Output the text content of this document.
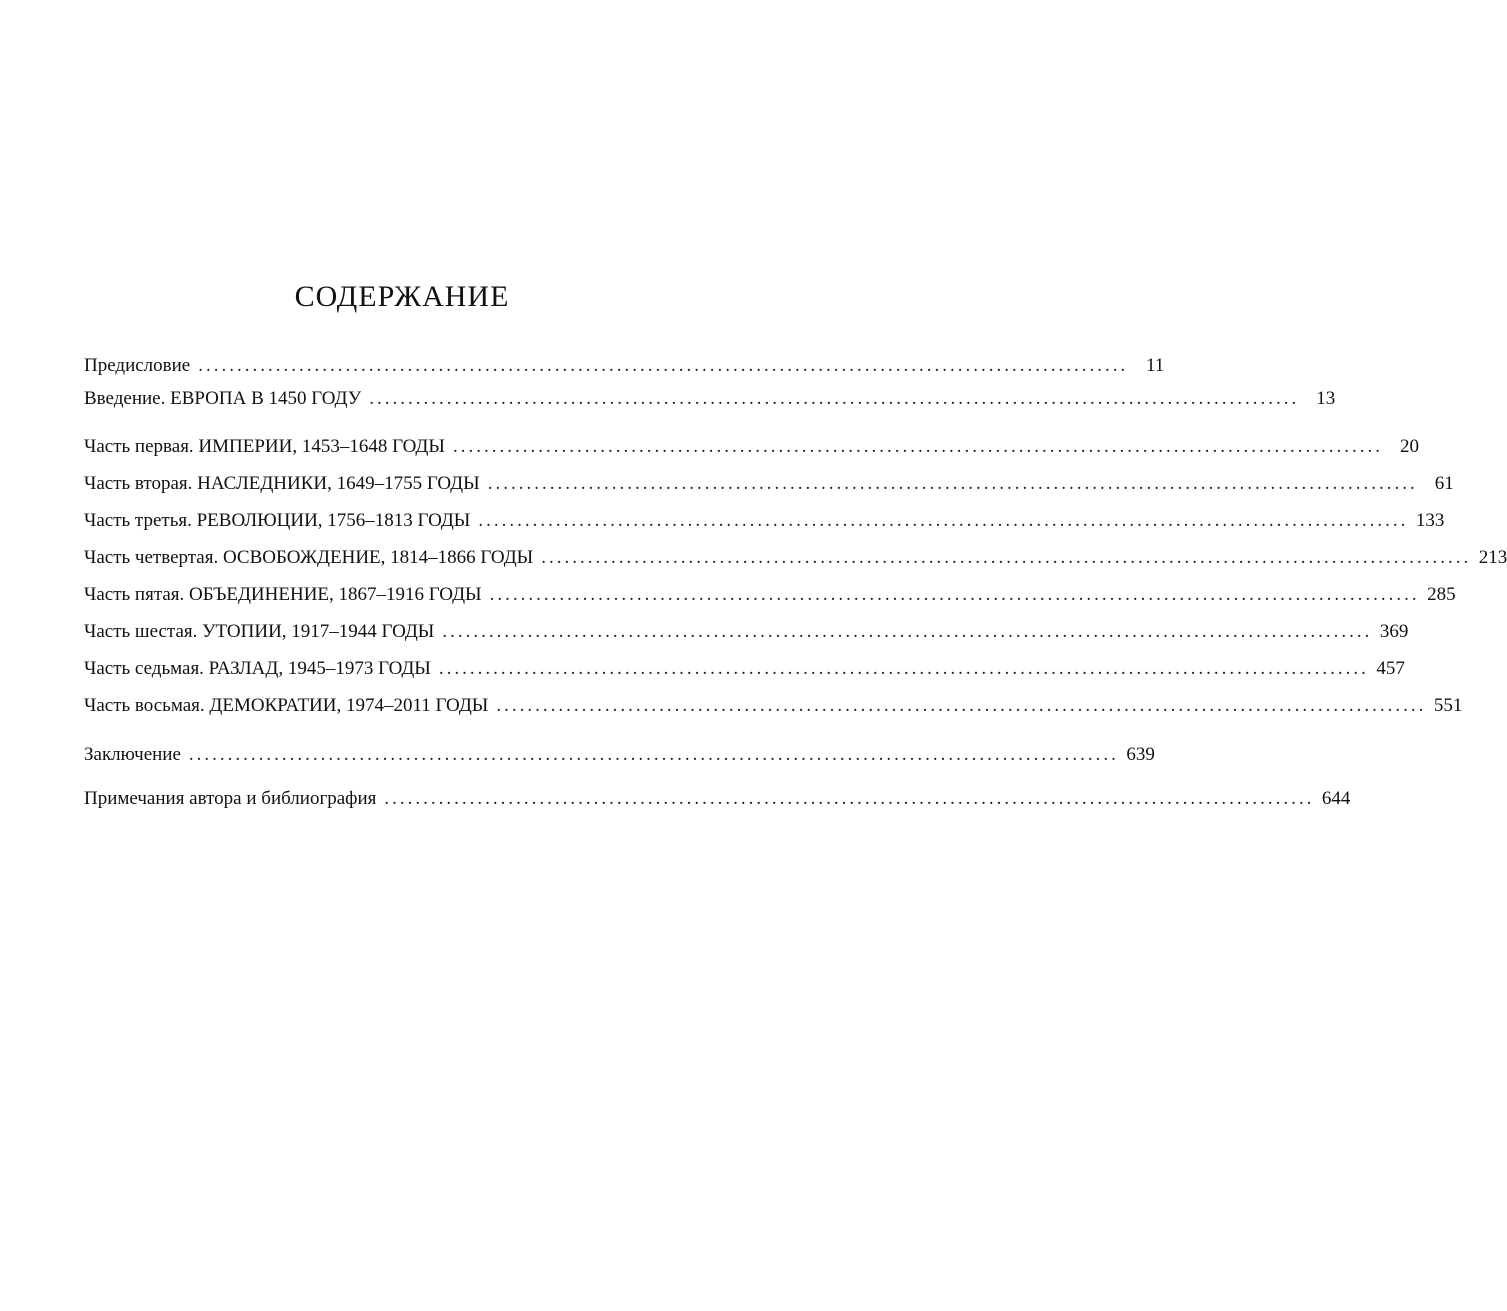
СОДЕРЖАНИЕ
Предисловие ........................................................................................................................ 11
Введение. ЕВРОПА В 1450 ГОДУ ........................................................................................................................ 13
Часть первая. ИМПЕРИИ, 1453–1648 ГОДЫ ........................................................................................................................ 20
Часть вторая. НАСЛЕДНИКИ, 1649–1755 ГОДЫ ........................................................................................................................ 61
Часть третья. РЕВОЛЮЦИИ, 1756–1813 ГОДЫ ........................................................................................................................ 133
Часть четвертая. ОСВОБОЖДЕНИЕ, 1814–1866 ГОДЫ ........................................................................................................................ 213
Часть пятая. ОБЪЕДИНЕНИЕ, 1867–1916 ГОДЫ ........................................................................................................................ 285
Часть шестая. УТОПИИ, 1917–1944 ГОДЫ ........................................................................................................................ 369
Часть седьмая. РАЗЛАД, 1945–1973 ГОДЫ ........................................................................................................................ 457
Часть восьмая. ДЕМОКРАТИИ, 1974–2011 ГОДЫ ........................................................................................................................ 551
Заключение ........................................................................................................................ 639
Примечания автора и библиография ........................................................................................................................ 644
